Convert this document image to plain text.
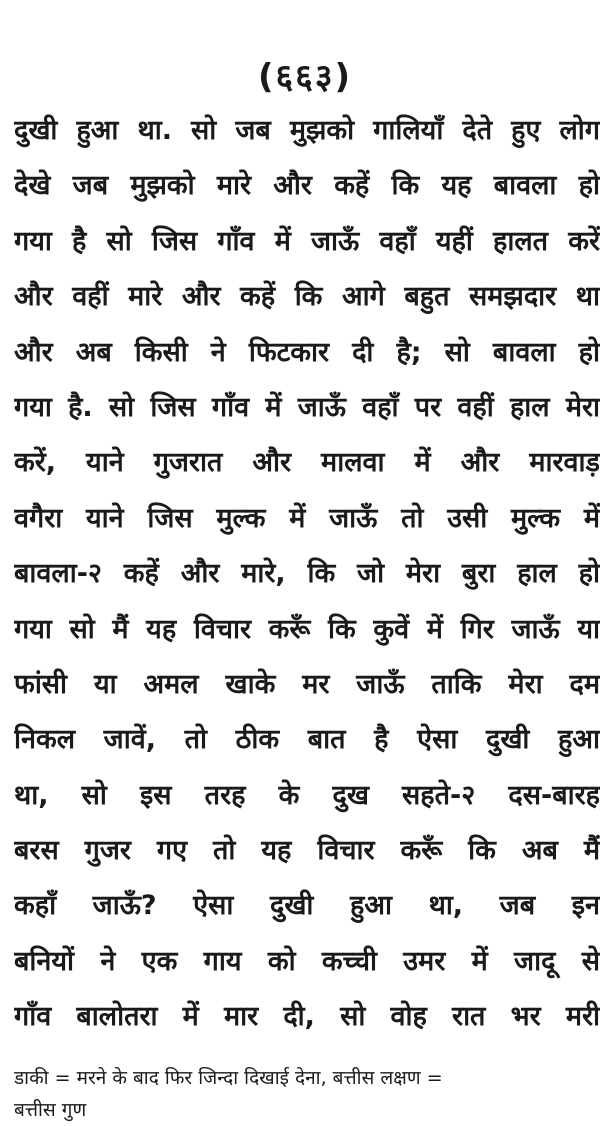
(६६३)
दुखी हुआ था. सो जब मुझको गालियाँ देते हुए लोग
देखे जब मुझको मारे और कहें कि यह बावला हो
गया है सो जिस गाँव में जाऊँ वहाँ यहीं हालत करें
और वहीं मारे और कहें कि आगे बहुत समझदार था
और अब किसी ने फिटकार दी है; सो बावला हो
गया है. सो जिस गाँव में जाऊँ वहाँ पर वहीं हाल मेरा
करें, याने गुजरात और मालवा में और मारवाड़
वगैरा याने जिस मुल्क में जाऊँ तो उसी मुल्क में
बावला-२ कहें और मारे, कि जो मेरा बुरा हाल हो
गया सो मैं यह विचार करूँ कि कुवें में गिर जाऊँ या
फांसी या अमल खाके मर जाऊँ ताकि मेरा दम
निकल जावें, तो ठीक बात है ऐसा दुखी हुआ
था, सो इस तरह के दुख सहते-२ दस-बारह
बरस गुजर गए तो यह विचार करूँ कि अब मैं
कहाँ जाऊँ? ऐसा दुखी हुआ था, जब इन
बनियों ने एक गाय को कच्ची उमर में जादू से
गाँव बालोतरा में मार दी, सो वोह रात भर मरी
डाकी = मरने के बाद फिर जिन्दा दिखाई देना, बत्तीस लक्षण =
बत्तीस गुण
